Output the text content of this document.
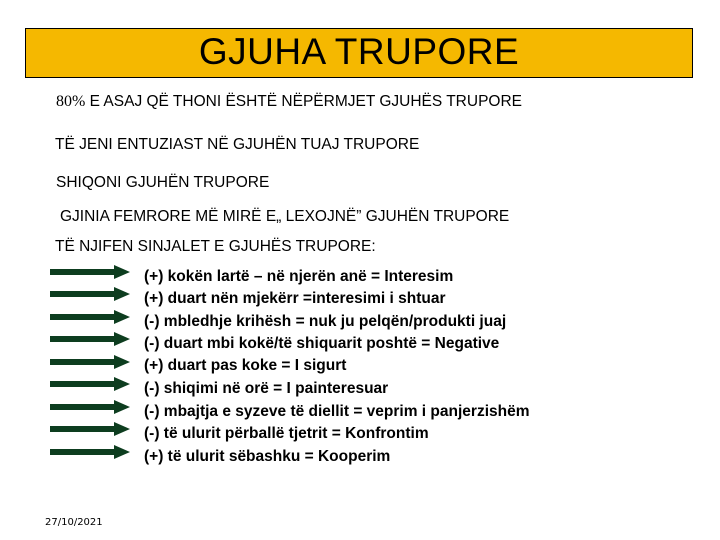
GJUHA TRUPORE
80% E ASAJ QË THONI ËSHTË NËPËRMJET GJUHËS TRUPORE
TË JENI ENTUZIAST NË GJUHËN TUAJ TRUPORE
SHIQONI GJUHËN TRUPORE
GJINIA FEMRORE MË MIRË E„ LEXOJNË” GJUHËN TRUPORE
TË NJIFEN SINJALET E GJUHËS TRUPORE:
(+) kokën lartë – në njerën anë = Interesim
(+) duart nën mjekërr =interesimi i shtuar
(-) mbledhje krihësh = nuk ju pelqën/produkti juaj
(-) duart mbi kokë/të shiquarit poshtë = Negative
(+) duart pas koke = I sigurt
(-) shiqimi në orë = I painteresuar
(-) mbajtja e syzeve të diellit = veprim i panjerzishëm
(-) të ulurit përballë tjetrit = Konfrontim
(+) të ulurit sëbashku = Kooperim
27/10/2021
